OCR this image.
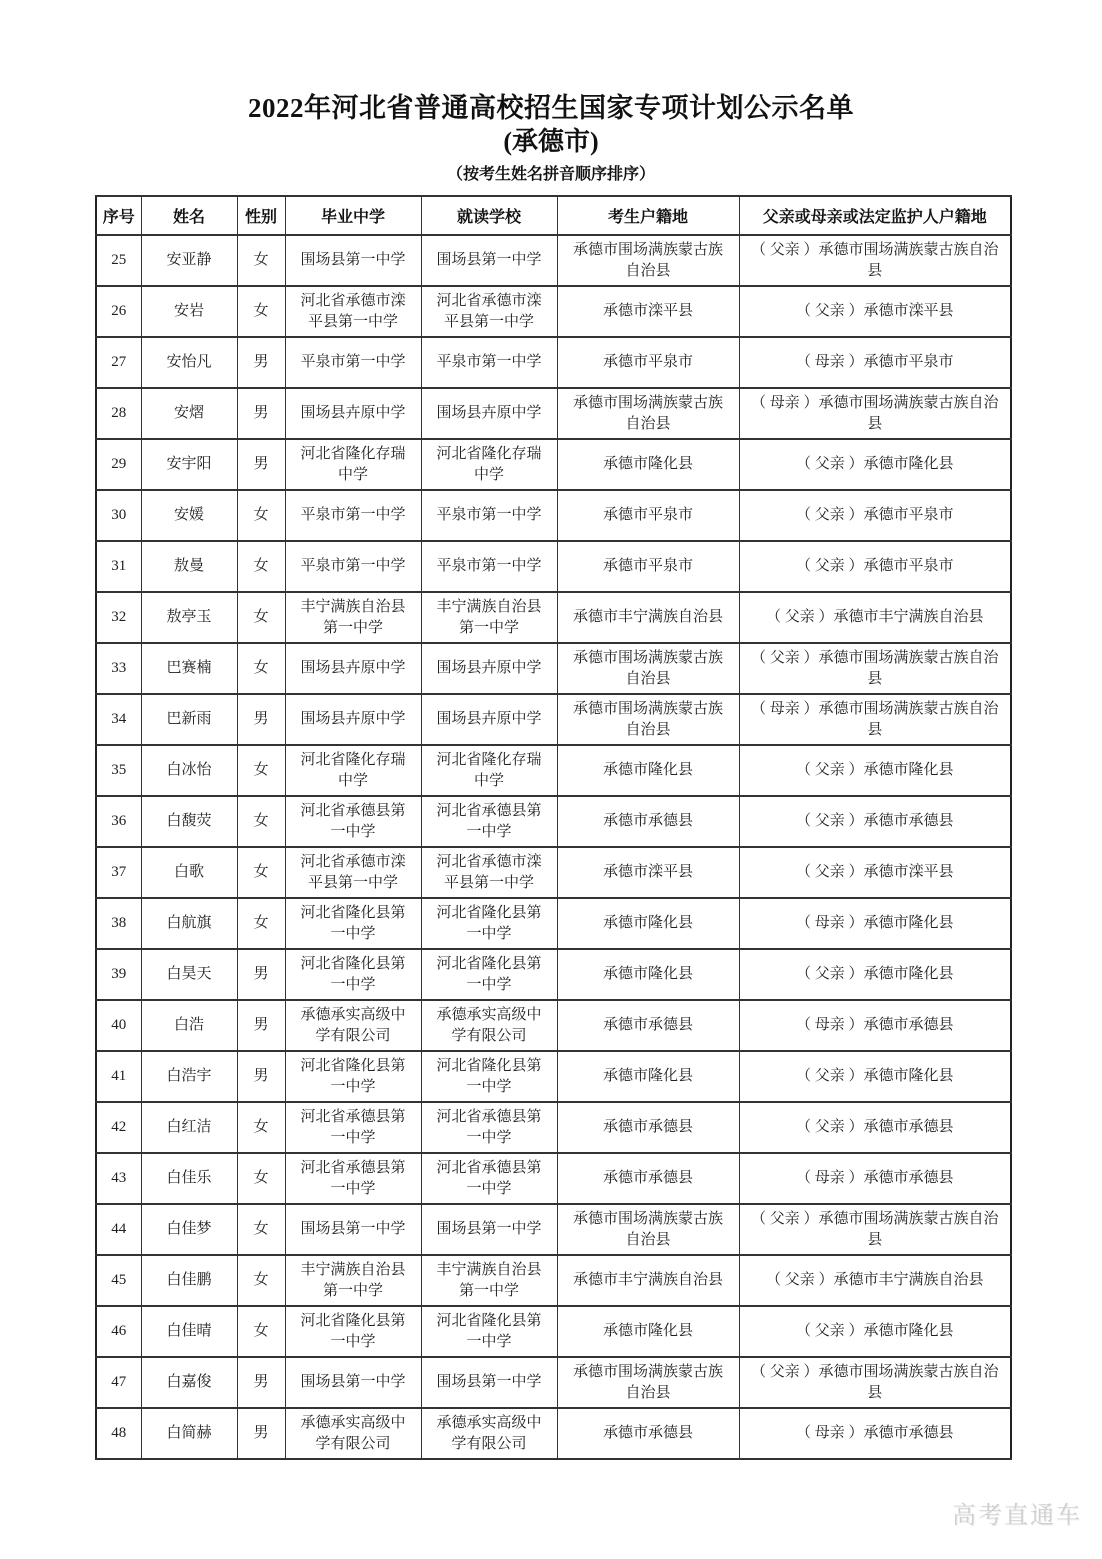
2022年河北省普通高校招生国家专项计划公示名单
(承德市)
（按考生姓名拼音顺序排序）
序号	姓名	性别	毕业中学	就读学校	考生户籍地	父亲或母亲或法定监护人户籍地
25	安亚静	女	围场县第一中学	围场县第一中学	承德市围场满族蒙古族自治县	（ 父亲 ）承德市围场满族蒙古族自治县
26	安岩	女	河北省承德市滦平县第一中学	河北省承德市滦平县第一中学	承德市滦平县	（ 父亲 ）承德市滦平县
27	安怡凡	男	平泉市第一中学	平泉市第一中学	承德市平泉市	（ 母亲 ）承德市平泉市
28	安熠	男	围场县卉原中学	围场县卉原中学	承德市围场满族蒙古族自治县	（ 母亲 ）承德市围场满族蒙古族自治县
29	安宇阳	男	河北省隆化存瑞中学	河北省隆化存瑞中学	承德市隆化县	（ 父亲 ）承德市隆化县
30	安媛	女	平泉市第一中学	平泉市第一中学	承德市平泉市	（ 父亲 ）承德市平泉市
31	敖曼	女	平泉市第一中学	平泉市第一中学	承德市平泉市	（ 父亲 ）承德市平泉市
32	敖亭玉	女	丰宁满族自治县第一中学	丰宁满族自治县第一中学	承德市丰宁满族自治县	（ 父亲 ）承德市丰宁满族自治县
33	巴赛楠	女	围场县卉原中学	围场县卉原中学	承德市围场满族蒙古族自治县	（ 父亲 ）承德市围场满族蒙古族自治县
34	巴新雨	男	围场县卉原中学	围场县卉原中学	承德市围场满族蒙古族自治县	（ 母亲 ）承德市围场满族蒙古族自治县
35	白冰怡	女	河北省隆化存瑞中学	河北省隆化存瑞中学	承德市隆化县	（ 父亲 ）承德市隆化县
36	白馥荧	女	河北省承德县第一中学	河北省承德县第一中学	承德市承德县	（ 父亲 ）承德市承德县
37	白歌	女	河北省承德市滦平县第一中学	河北省承德市滦平县第一中学	承德市滦平县	（ 父亲 ）承德市滦平县
38	白航旗	女	河北省隆化县第一中学	河北省隆化县第一中学	承德市隆化县	（ 母亲 ）承德市隆化县
39	白昊天	男	河北省隆化县第一中学	河北省隆化县第一中学	承德市隆化县	（ 父亲 ）承德市隆化县
40	白浩	男	承德承实高级中学有限公司	承德承实高级中学有限公司	承德市承德县	（ 母亲 ）承德市承德县
41	白浩宇	男	河北省隆化县第一中学	河北省隆化县第一中学	承德市隆化县	（ 父亲 ）承德市隆化县
42	白红洁	女	河北省承德县第一中学	河北省承德县第一中学	承德市承德县	（ 父亲 ）承德市承德县
43	白佳乐	女	河北省承德县第一中学	河北省承德县第一中学	承德市承德县	（ 母亲 ）承德市承德县
44	白佳梦	女	围场县第一中学	围场县第一中学	承德市围场满族蒙古族自治县	（ 父亲 ）承德市围场满族蒙古族自治县
45	白佳鹏	女	丰宁满族自治县第一中学	丰宁满族自治县第一中学	承德市丰宁满族自治县	（ 父亲 ）承德市丰宁满族自治县
46	白佳晴	女	河北省隆化县第一中学	河北省隆化县第一中学	承德市隆化县	（ 父亲 ）承德市隆化县
47	白嘉俊	男	围场县第一中学	围场县第一中学	承德市围场满族蒙古族自治县	（ 父亲 ）承德市围场满族蒙古族自治县
48	白简赫	男	承德承实高级中学有限公司	承德承实高级中学有限公司	承德市承德县	（ 母亲 ）承德市承德县
高考直通车
